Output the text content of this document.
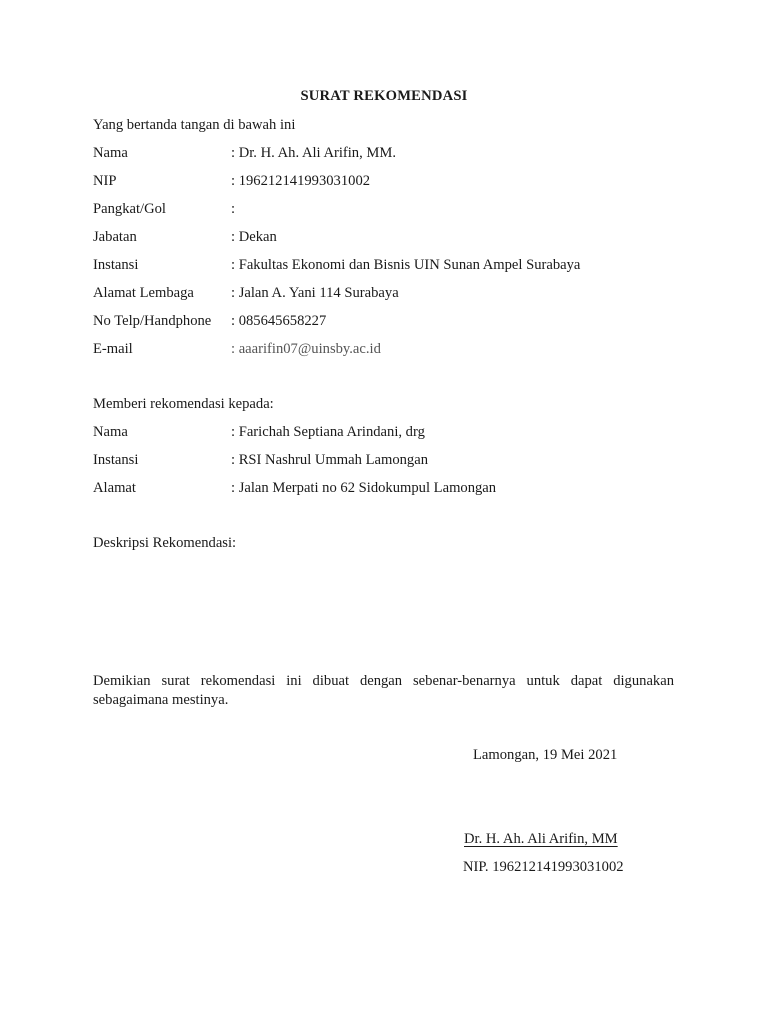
SURAT REKOMENDASI
Yang bertanda tangan di bawah ini
Nama	: Dr. H. Ah. Ali Arifin, MM.
NIP	: 196212141993031002
Pangkat/Gol	:
Jabatan	: Dekan
Instansi	: Fakultas Ekonomi dan Bisnis UIN Sunan Ampel Surabaya
Alamat Lembaga	: Jalan A. Yani 114 Surabaya
No Telp/Handphone : 085645658227
E-mail	: aaarifin07@uinsby.ac.id
Memberi rekomendasi kepada:
Nama	: Farichah Septiana Arindani, drg
Instansi	: RSI Nashrul Ummah Lamongan
Alamat	: Jalan Merpati no 62 Sidokumpul Lamongan
Deskripsi Rekomendasi:
Demikian surat rekomendasi ini dibuat dengan sebenar-benarnya untuk dapat digunakan
sebagaimana mestinya.
Lamongan, 19 Mei 2021
Dr. H. Ah. Ali Arifin, MM
NIP. 196212141993031002
